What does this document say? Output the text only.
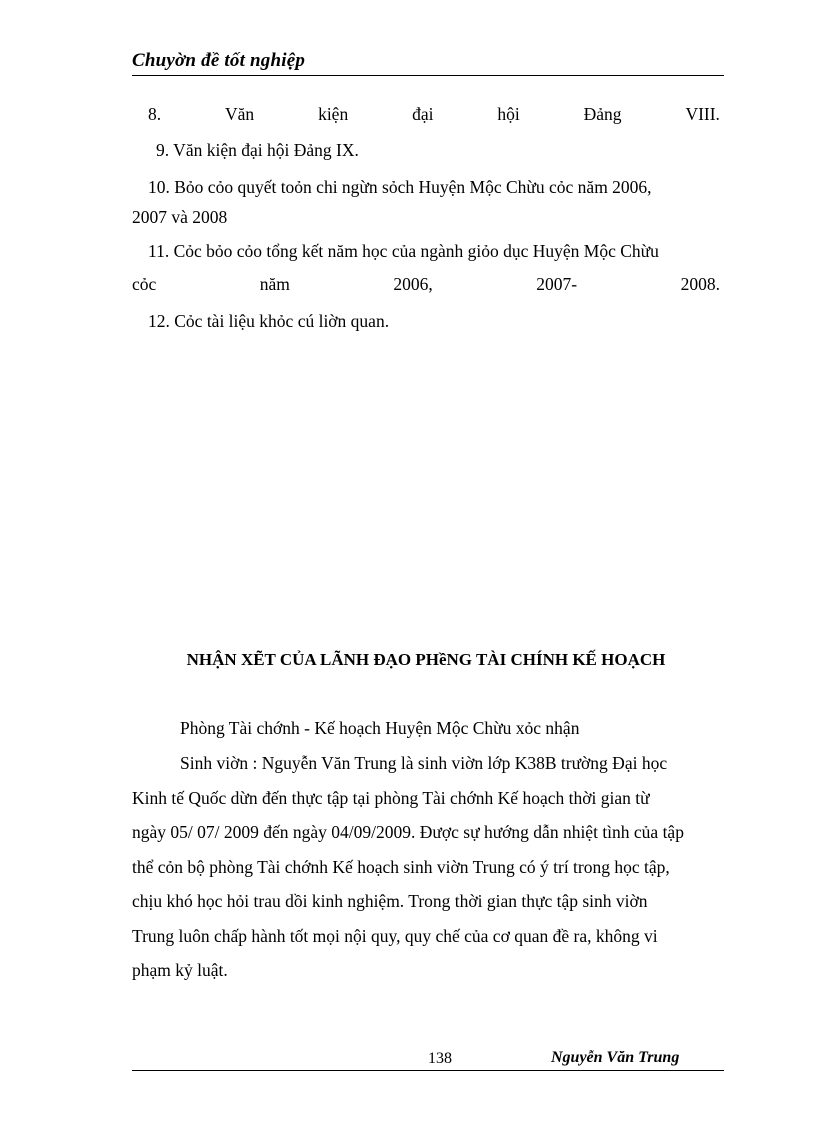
Chuyờn đề tốt nghiệp
8.	Văn	kiện	đại	hội	Đảng	VIII.
9. Văn kiện đại hội Đảng IX.
10. Bỏo cỏo quyết toỏn chi ngừn sỏch Huyện Mộc Chừu cỏc năm 2006,
2007 và 2008
11. Cỏc bỏo cỏo tổng kết năm học của ngành giỏo dục Huyện Mộc Chừu
cỏc	năm	2006,	2007-	2008.
12. Cỏc tài liệu khỏc cú liờn quan.
NHẬN XẼT CỦA LÃNH ĐẠO PHềNG TÀI CHÍNH KẾ HOẠCH
Phòng Tài chớnh - Kế hoạch Huyện Mộc Chừu xỏc nhận
Sinh viờn : Nguyễn Văn Trung là sinh viờn lớp K38B trường Đại học
Kinh tế Quốc dừn đến thực tập tại phòng Tài chớnh Kế hoạch thời gian từ
ngày 05/ 07/ 2009 đến ngày 04/09/2009. Được sự hướng dẫn nhiệt tình của tập
thể cỏn bộ phòng Tài chớnh Kế hoạch sinh viờn Trung có ý trí trong học tập,
chịu khó học hỏi trau dồi kinh nghiệm. Trong thời gian thực tập sinh viờn
Trung luôn chấp hành tốt mọi nội quy, quy chế của cơ quan đề ra, không vi
phạm kỷ luật.
138	Nguyễn Văn Trung
